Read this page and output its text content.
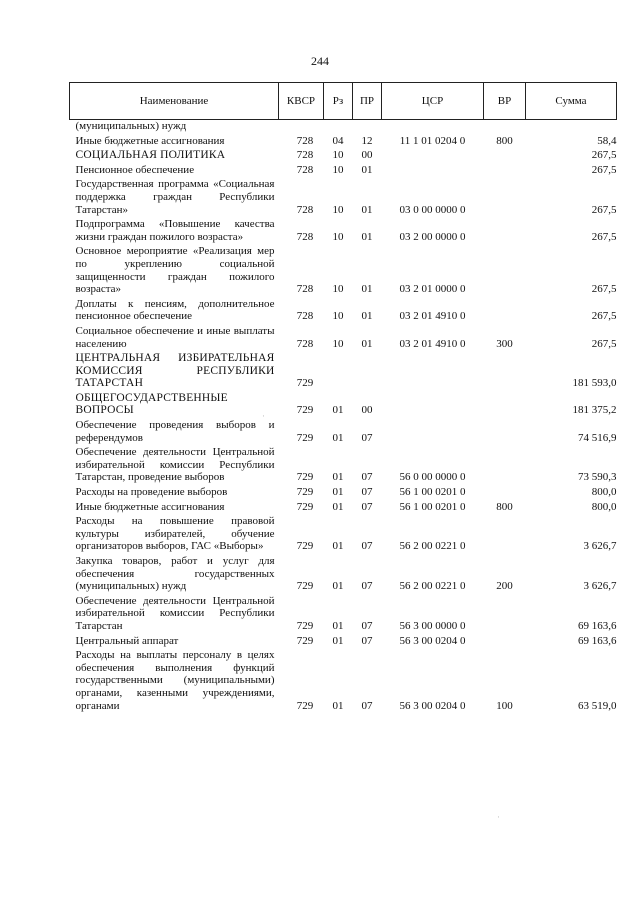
244
Наименование	КВСР	Рз	ПР	ЦСР	ВР	Сумма
(муниципальных) нужд						
Иные бюджетные ассигнования	728	04	12	11 1 01 0204 0	800	58,4
СОЦИАЛЬНАЯ ПОЛИТИКА	728	10	00			267,5
Пенсионное обеспечение	728	10	01			267,5
Государственная программа «Социальная поддержка граждан Республики Татарстан»	728	10	01	03 0 00 0000 0		267,5
Подпрограмма «Повышение качества жизни граждан пожилого возраста»	728	10	01	03 2 00 0000 0		267,5
Основное мероприятие «Реализация мер по укреплению социальной защищенности граждан пожилого возраста»	728	10	01	03 2 01 0000 0		267,5
Доплаты к пенсиям, дополнительное пенсионное обеспечение	728	10	01	03 2 01 4910 0		267,5
Социальное обеспечение и иные выплаты населению	728	10	01	03 2 01 4910 0	300	267,5
ЦЕНТРАЛЬНАЯ ИЗБИРАТЕЛЬНАЯ КОМИССИЯ РЕСПУБЛИКИ ТАТАРСТАН	729					181 593,0
ОБЩЕГОСУДАРСТВЕННЫЕ ВОПРОСЫ	729	01	00			181 375,2
Обеспечение проведения выборов и референдумов	729	01	07			74 516,9
Обеспечение деятельности Центральной избирательной комиссии Республики Татарстан, проведение выборов	729	01	07	56 0 00 0000 0		73 590,3
Расходы на проведение выборов	729	01	07	56 1 00 0201 0		800,0
Иные бюджетные ассигнования	729	01	07	56 1 00 0201 0	800	800,0
Расходы на повышение правовой культуры избирателей, обучение организаторов выборов, ГАС «Выборы»	729	01	07	56 2 00 0221 0		3 626,7
Закупка товаров, работ и услуг для обеспечения государственных (муниципальных) нужд	729	01	07	56 2 00 0221 0	200	3 626,7
Обеспечение деятельности Центральной избирательной комиссии Республики Татарстан	729	01	07	56 3 00 0000 0		69 163,6
Центральный аппарат	729	01	07	56 3 00 0204 0		69 163,6
Расходы на выплаты персоналу в целях обеспечения выполнения функций государственными (муниципальными) органами, казенными учреждениями, органами	729	01	07	56 3 00 0204 0	100	63 519,0
·
·
